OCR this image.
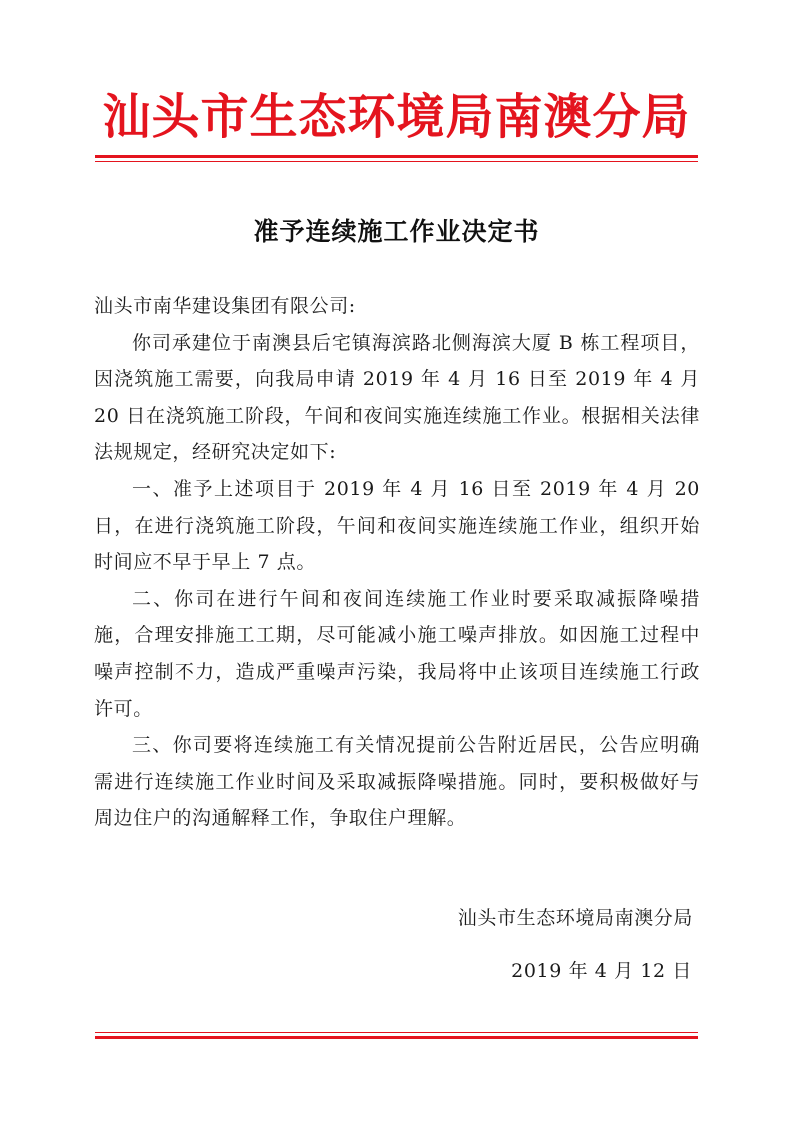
汕头市生态环境局南澳分局
准予连续施工作业决定书

汕头市南华建设集团有限公司:

你司承建位于南澳县后宅镇海滨路北侧海滨大厦 B 栋工程项目，因浇筑施工需要，向我局申请 2019 年 4 月 16 日至 2019 年 4 月 20 日在浇筑施工阶段，午间和夜间实施连续施工作业。根据相关法律法规规定，经研究决定如下:

一、准予上述项目于 2019 年 4 月 16 日至 2019 年 4 月 20 日，在进行浇筑施工阶段，午间和夜间实施连续施工作业，组织开始时间应不早于早上 7 点。

二、你司在进行午间和夜间连续施工作业时要采取减振降噪措施，合理安排施工工期，尽可能减小施工噪声排放。如因施工过程中噪声控制不力，造成严重噪声污染，我局将中止该项目连续施工行政许可。

三、你司要将连续施工有关情况提前公告附近居民，公告应明确需进行连续施工作业时间及采取减振降噪措施。同时，要积极做好与周边住户的沟通解释工作，争取住户理解。

汕头市生态环境局南澳分局
2019 年 4 月 12 日
